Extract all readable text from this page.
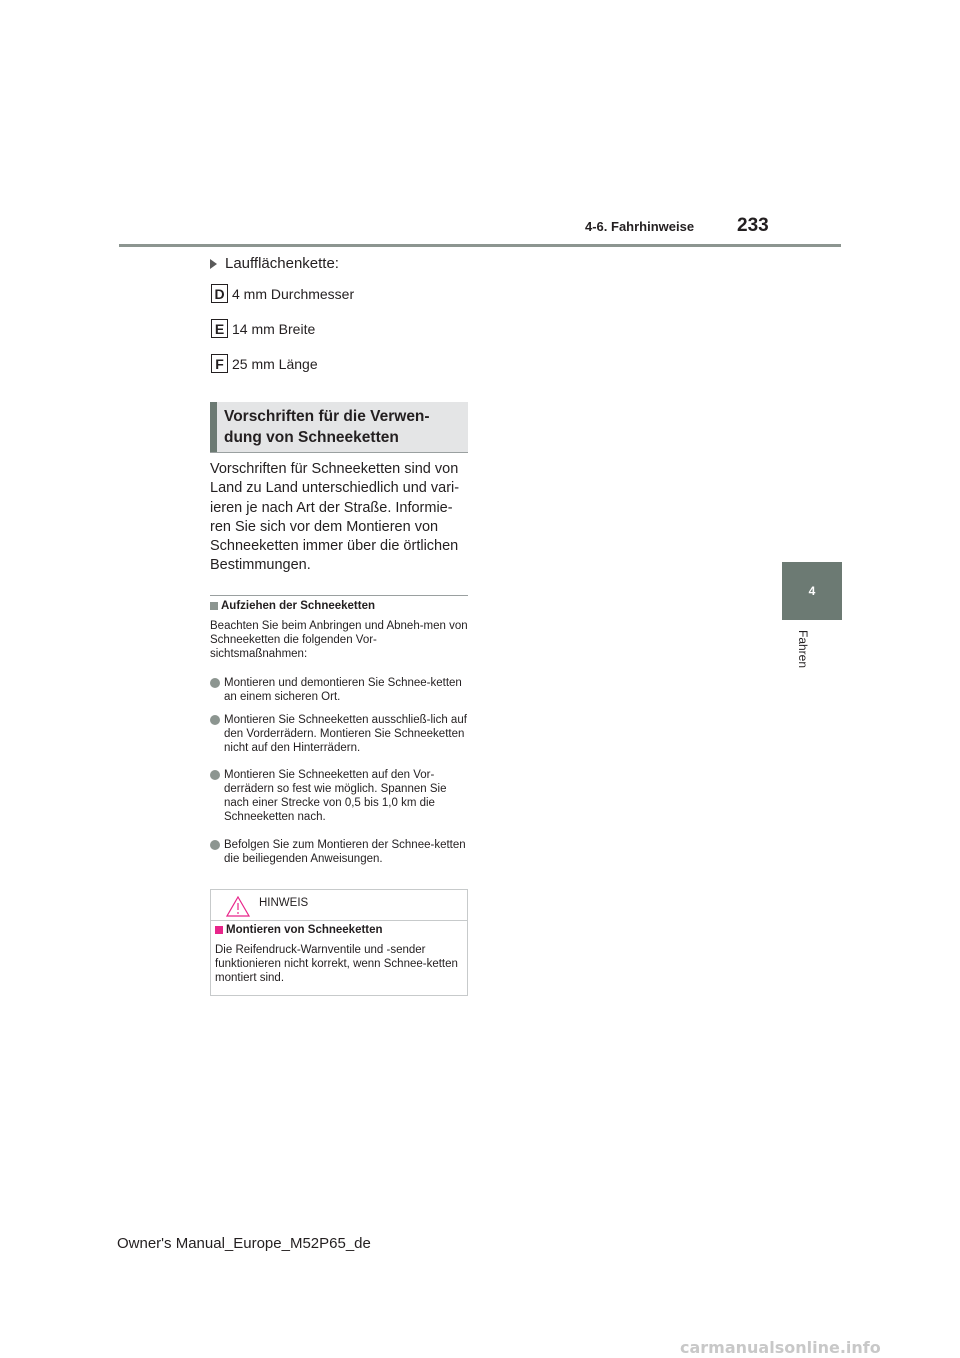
4-6. Fahrhinweise 233
4
Fahren
Laufflächenkette:
D 4 mm Durchmesser
E 14 mm Breite
F 25 mm Länge
Vorschriften für die Verwen-
dung von Schneeketten
Vorschriften für Schneeketten sind von Land zu Land unterschiedlich und vari-ieren je nach Art der Straße. Informie-ren Sie sich vor dem Montieren von Schneeketten immer über die örtlichen Bestimmungen.
Aufziehen der Schneeketten
Beachten Sie beim Anbringen und Abneh-men von Schneeketten die folgenden Vor-sichtsmaßnahmen:
Montieren und demontieren Sie Schnee-ketten an einem sicheren Ort.
Montieren Sie Schneeketten ausschließ-lich auf den Vorderrädern. Montieren Sie Schneeketten nicht auf den Hinterrädern.
Montieren Sie Schneeketten auf den Vor-derrädern so fest wie möglich. Spannen Sie nach einer Strecke von 0,5 bis 1,0 km die Schneeketten nach.
Befolgen Sie zum Montieren der Schnee-ketten die beiliegenden Anweisungen.
HINWEIS
Montieren von Schneeketten
Die Reifendruck-Warnventile und -sender funktionieren nicht korrekt, wenn Schnee-ketten montiert sind.
Owner's Manual_Europe_M52P65_de
carmanualsonline.info
